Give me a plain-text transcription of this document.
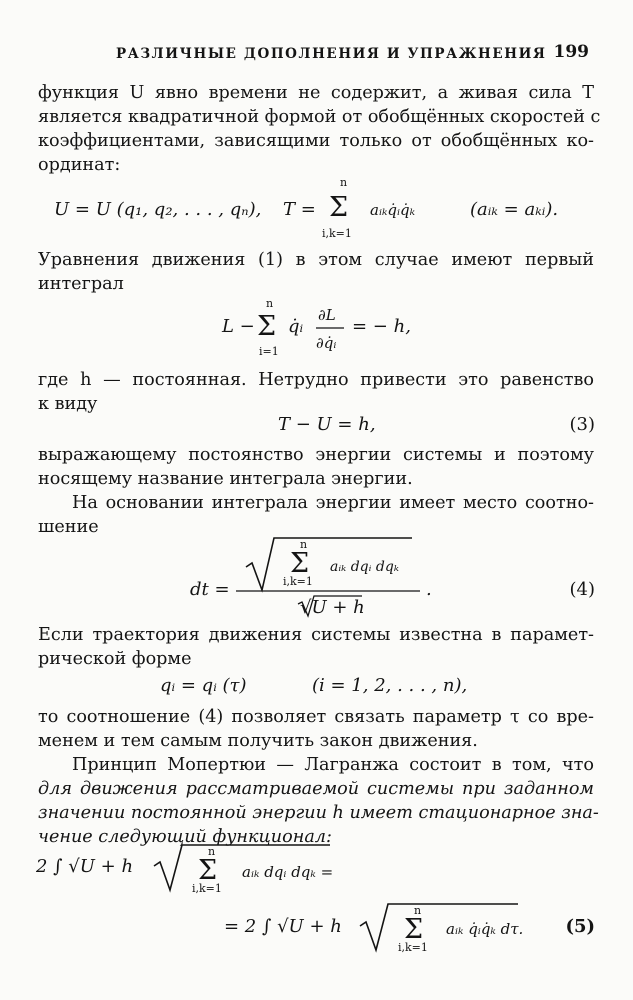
РАЗЛИЧНЫЕ ДОПОЛНЕНИЯ И УПРАЖНЕНИЯ 199
функция U явно времени не содержит, а живая сила T
является квадратичной формой от обобщённых скоростей с
коэффициентами, зависящими только от обобщённых ко-
ординат:
U = U (q₁, q₂, . . . , qₙ), T =
n
Σ
i,k=1
aᵢₖq̇ᵢq̇ₖ	(aᵢₖ = aₖᵢ).
Уравнения движения (1) в этом случае имеют первый
интеграл
L −
n
Σ
i=1
q̇ᵢ
∂L
∂q̇ᵢ
= − h,
где h — постоянная. Нетрудно привести это равенство
к виду
T − U = h,	(3)
выражающему постоянство энергии системы и поэтому
носящему название интеграла энергии.
На основании интеграла энергии имеет место соотно-
шение
dt =
n
Σ
i,k=1
aᵢₖ dqᵢ dqₖ
√U + h
.	(4)
Если траектория движения системы известна в парамет-
рической форме
qᵢ = qᵢ (τ)	(i = 1, 2, . . . , n),
то соотношение (4) позволяет связать параметр τ со вре-
менем и тем самым получить закон движения.
Принцип Мопертюи — Лагранжа состоит в том, что
для движения рассматриваемой системы при заданном
значении постоянной энергии h имеет стационарное зна-
чение следующий функционал:
2 ∫ √U + h
n
Σ
i,k=1
aᵢₖ dqᵢ dqₖ =
= 2 ∫ √U + h
n
Σ
i,k=1
aᵢₖ q̇ᵢq̇ₖ dτ. (5)
